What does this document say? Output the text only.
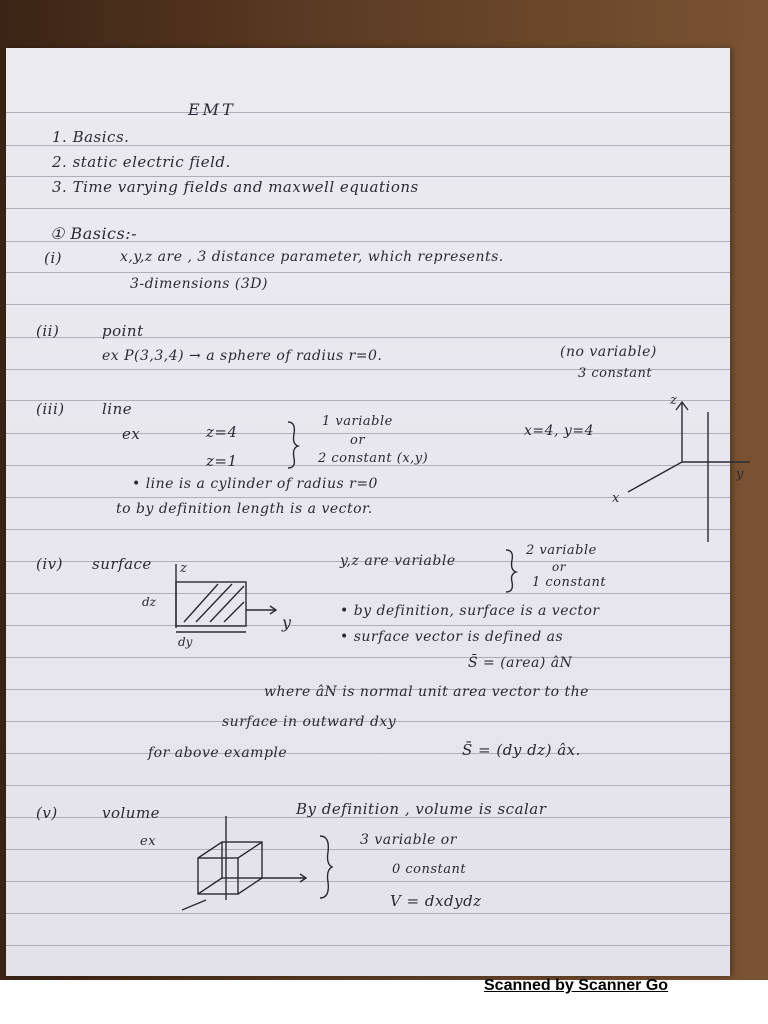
EMT
1. Basics.
2. static electric field.
3. Time varying fields and maxwell equations
① Basics:-
(i)	x,y,z are , 3 distance parameter, which represents.
3-dimensions (3D)
(ii)	point
ex P(3,3,4) → a sphere of radius r=0.	(no variable)
3 constant
(iii) line
ex	z=4
z=1
1 variable
or
2 constant (x,y)
x=4, y=4
• line is a cylinder of radius r=0
to by definition length is a vector.
z
y
x
(iv) surface	y,z are variable
2 variable
or
1 constant
dy
dz
y
z
• by definition, surface is a vector
• surface vector is defined as
S̄ = (area) âN
where âN is normal unit area vector to the
surface in outward dxy
for above example	S̄ = (dy dz) âx.
(v)	volume
ex
By definition , volume is scalar
3 variable or
0 constant
V = dxdydz
Scanned by Scanner Go
